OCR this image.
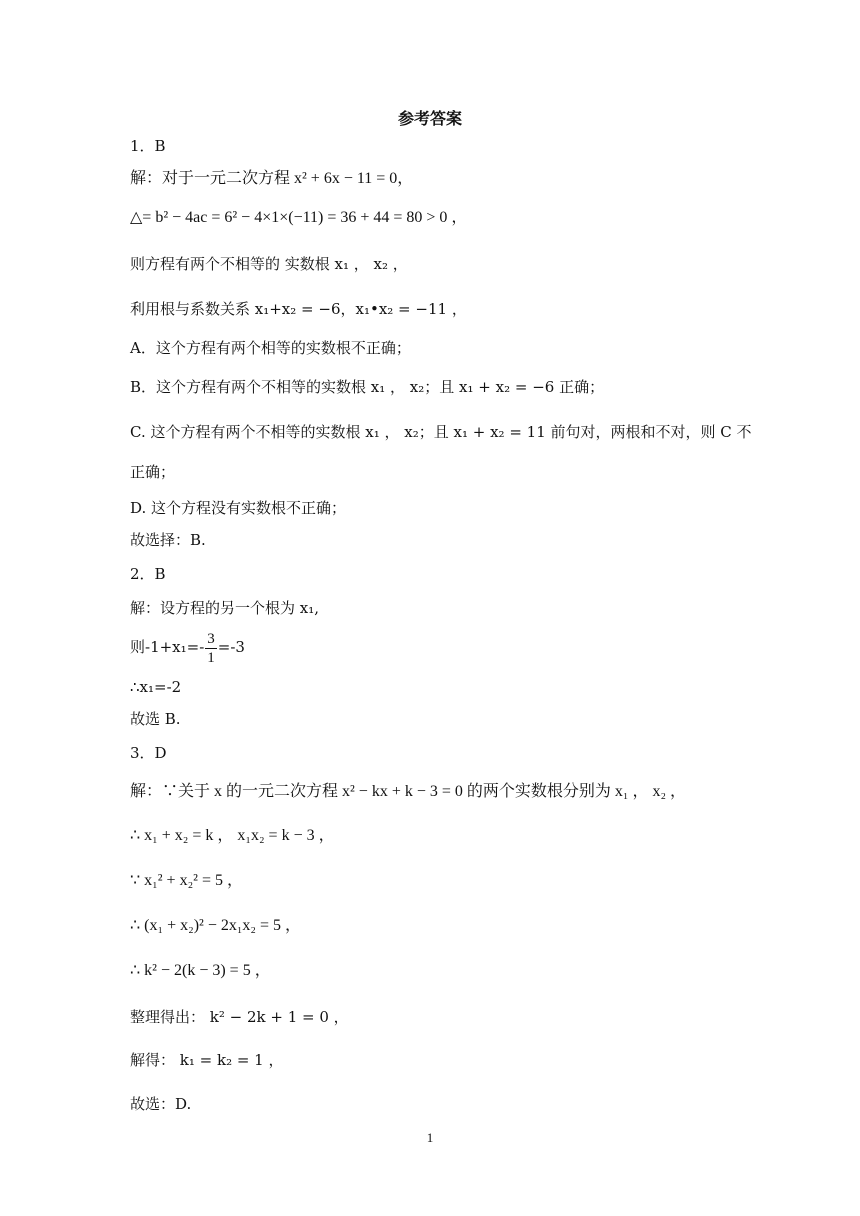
参考答案
1．B
解：对于一元二次方程 x² + 6x − 11 = 0，
△= b² − 4ac = 6² − 4×1×(−11) = 36 + 44 = 80 > 0 ，
则方程有两个不相等的 实数根 x₁ ， x₂ ，
利用根与系数关系 x₁+x₂ = −6，x₁•x₂ = −11 ，
A．这个方程有两个相等的实数根不正确；
B．这个方程有两个不相等的实数根 x₁ ， x₂；且 x₁ + x₂ = −6 正确；
C. 这个方程有两个不相等的实数根 x₁ ， x₂；且 x₁ + x₂ = 11 前句对，两根和不对，则 C 不
正确；
D. 这个方程没有实数根不正确；
故选择：B.
2．B
解：设方程的另一个根为 x₁,
则$-1+x_1=- \frac{3}{1} =-3$
∴x₁=-2
故选 B.
3．D
解：∵关于 x 的一元二次方程 x² − kx + k − 3 = 0 的两个实数根分别为 x₁ ， x₂ ，
∴ x₁ + x₂ = k ， x₁x₂ = k − 3 ，
∵ x₁² + x₂² = 5 ，
∴ (x₁ + x₂)² − 2x₁x₂ = 5 ，
∴ k² − 2(k − 3) = 5 ，
整理得出： k² − 2k + 1 = 0 ，
解得： k₁ = k₂ = 1 ，
故选：D.
1
